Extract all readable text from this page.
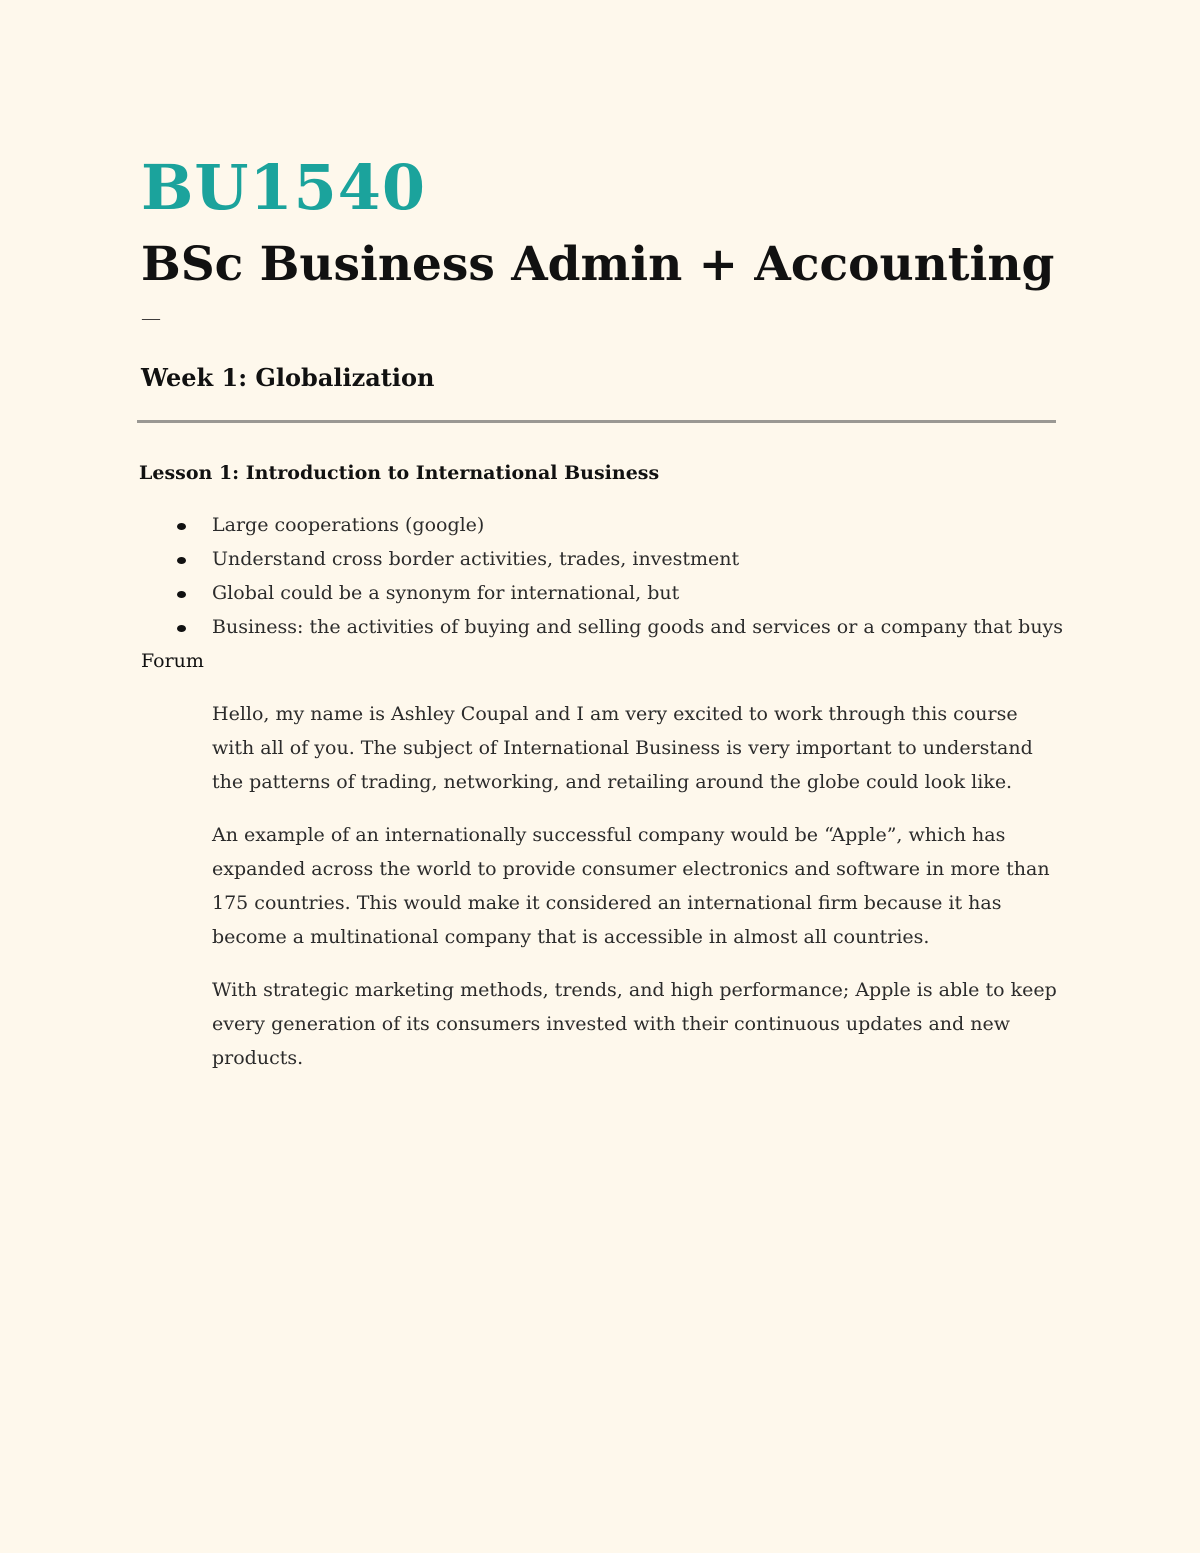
BU1540
BSc Business Admin + Accounting
—
Week 1: Globalization
Lesson 1: Introduction to International Business
Large cooperations (google)
Understand cross border activities, trades, investment
Global could be a synonym for international, but
Business: the activities of buying and selling goods and services or a company that buys
Forum

Hello, my name is Ashley Coupal and I am very excited to work through this course with all of you. The subject of International Business is very important to understand the patterns of trading, networking, and retailing around the globe could look like.

An example of an internationally successful company would be “Apple”, which has expanded across the world to provide consumer electronics and software in more than 175 countries. This would make it considered an international firm because it has become a multinational company that is accessible in almost all countries.

With strategic marketing methods, trends, and high performance; Apple is able to keep every generation of its consumers invested with their continuous updates and new products.
